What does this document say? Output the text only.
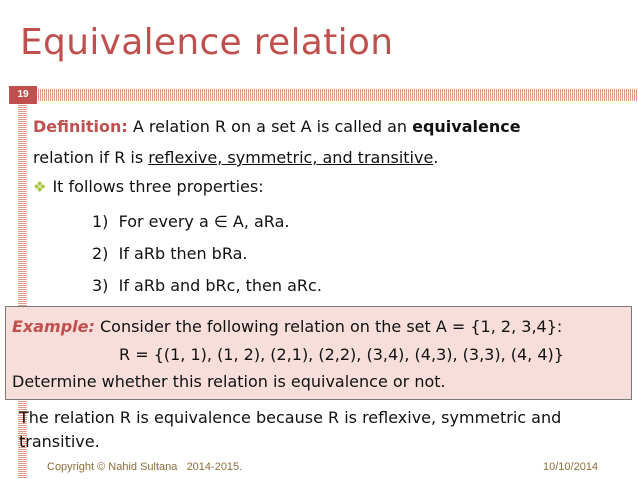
Equivalence relation
19
Definition: A relation R on a set A is called an equivalence
relation if R is reflexive, symmetric, and transitive.
❖ It follows three properties:
1)  For every a ∈ A, aRa.
2)  If aRb then bRa.
3)  If aRb and bRc, then aRc.
Example: Consider the following relation on the set A = {1, 2, 3,4}:
R = {(1, 1), (1, 2), (2,1), (2,2), (3,4), (4,3), (3,3), (4, 4)}
Determine whether this relation is equivalence or not.
The relation R is equivalence because R is reflexive, symmetric and
transitive.
Copyright © Nahid Sultana   2014-2015.	10/10/2014
